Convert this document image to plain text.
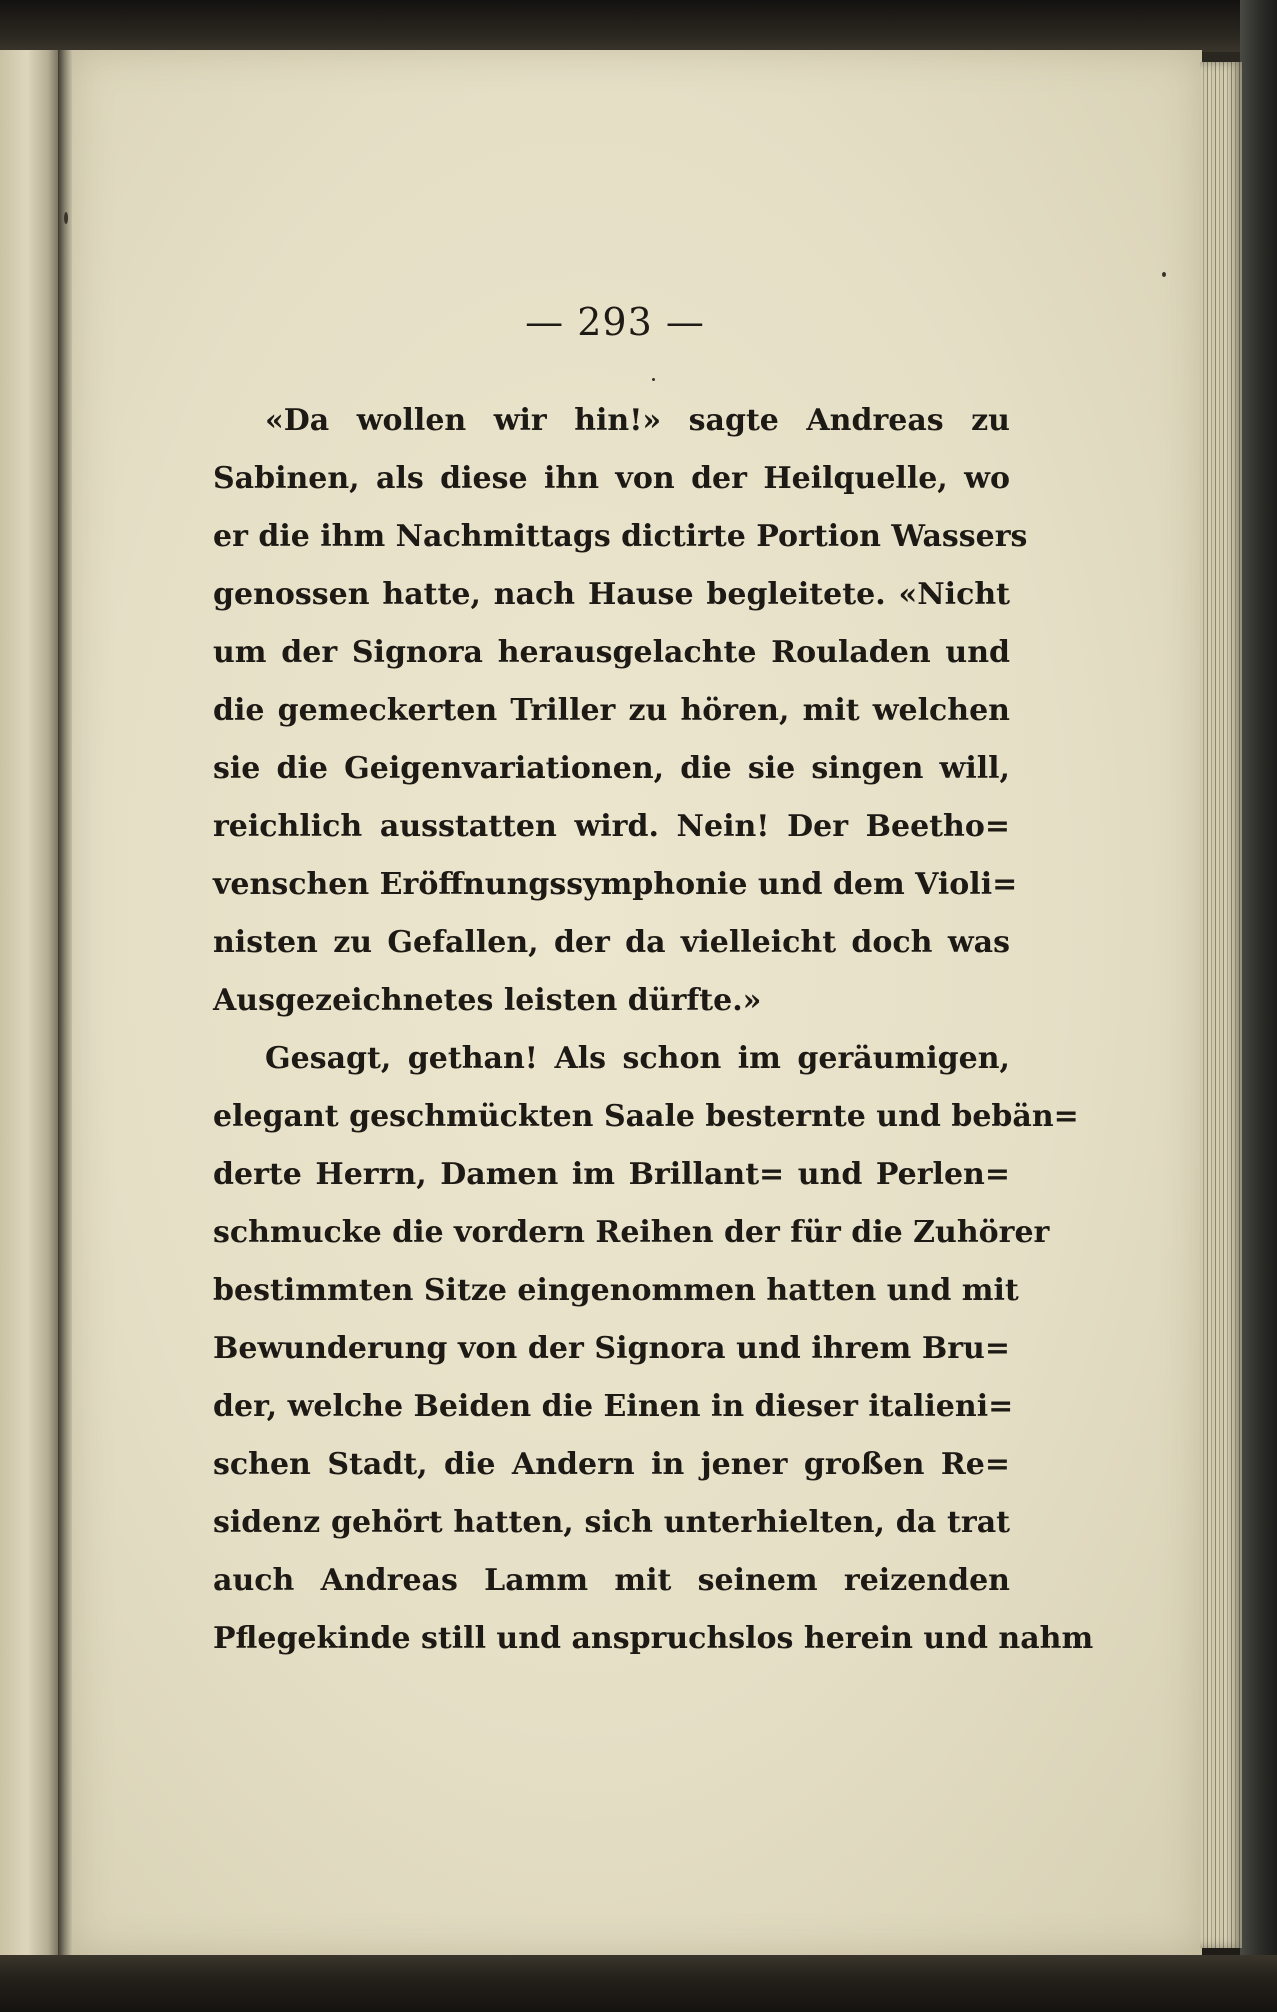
— 293 —
«Da wollen wir hin!» sagte Andreas zu
Sabinen, als diese ihn von der Heilquelle, wo
er die ihm Nachmittags dictirte Portion Wassers
genossen hatte, nach Hause begleitete. «Nicht
um der Signora herausgelachte Rouladen und
die gemeckerten Triller zu hören, mit welchen
sie die Geigenvariationen, die sie singen will,
reichlich ausstatten wird. Nein! Der Beetho=
venschen Eröffnungssymphonie und dem Violi=
nisten zu Gefallen, der da vielleicht doch was
Ausgezeichnetes leisten dürfte.»
Gesagt, gethan! Als schon im geräumigen,
elegant geschmückten Saale besternte und bebän=
derte Herrn, Damen im Brillant= und Perlen=
schmucke die vordern Reihen der für die Zuhörer
bestimmten Sitze eingenommen hatten und mit
Bewunderung von der Signora und ihrem Bru=
der, welche Beiden die Einen in dieser italieni=
schen Stadt, die Andern in jener großen Re=
sidenz gehört hatten, sich unterhielten, da trat
auch Andreas Lamm mit seinem reizenden
Pflegekinde still und anspruchslos herein und nahm
